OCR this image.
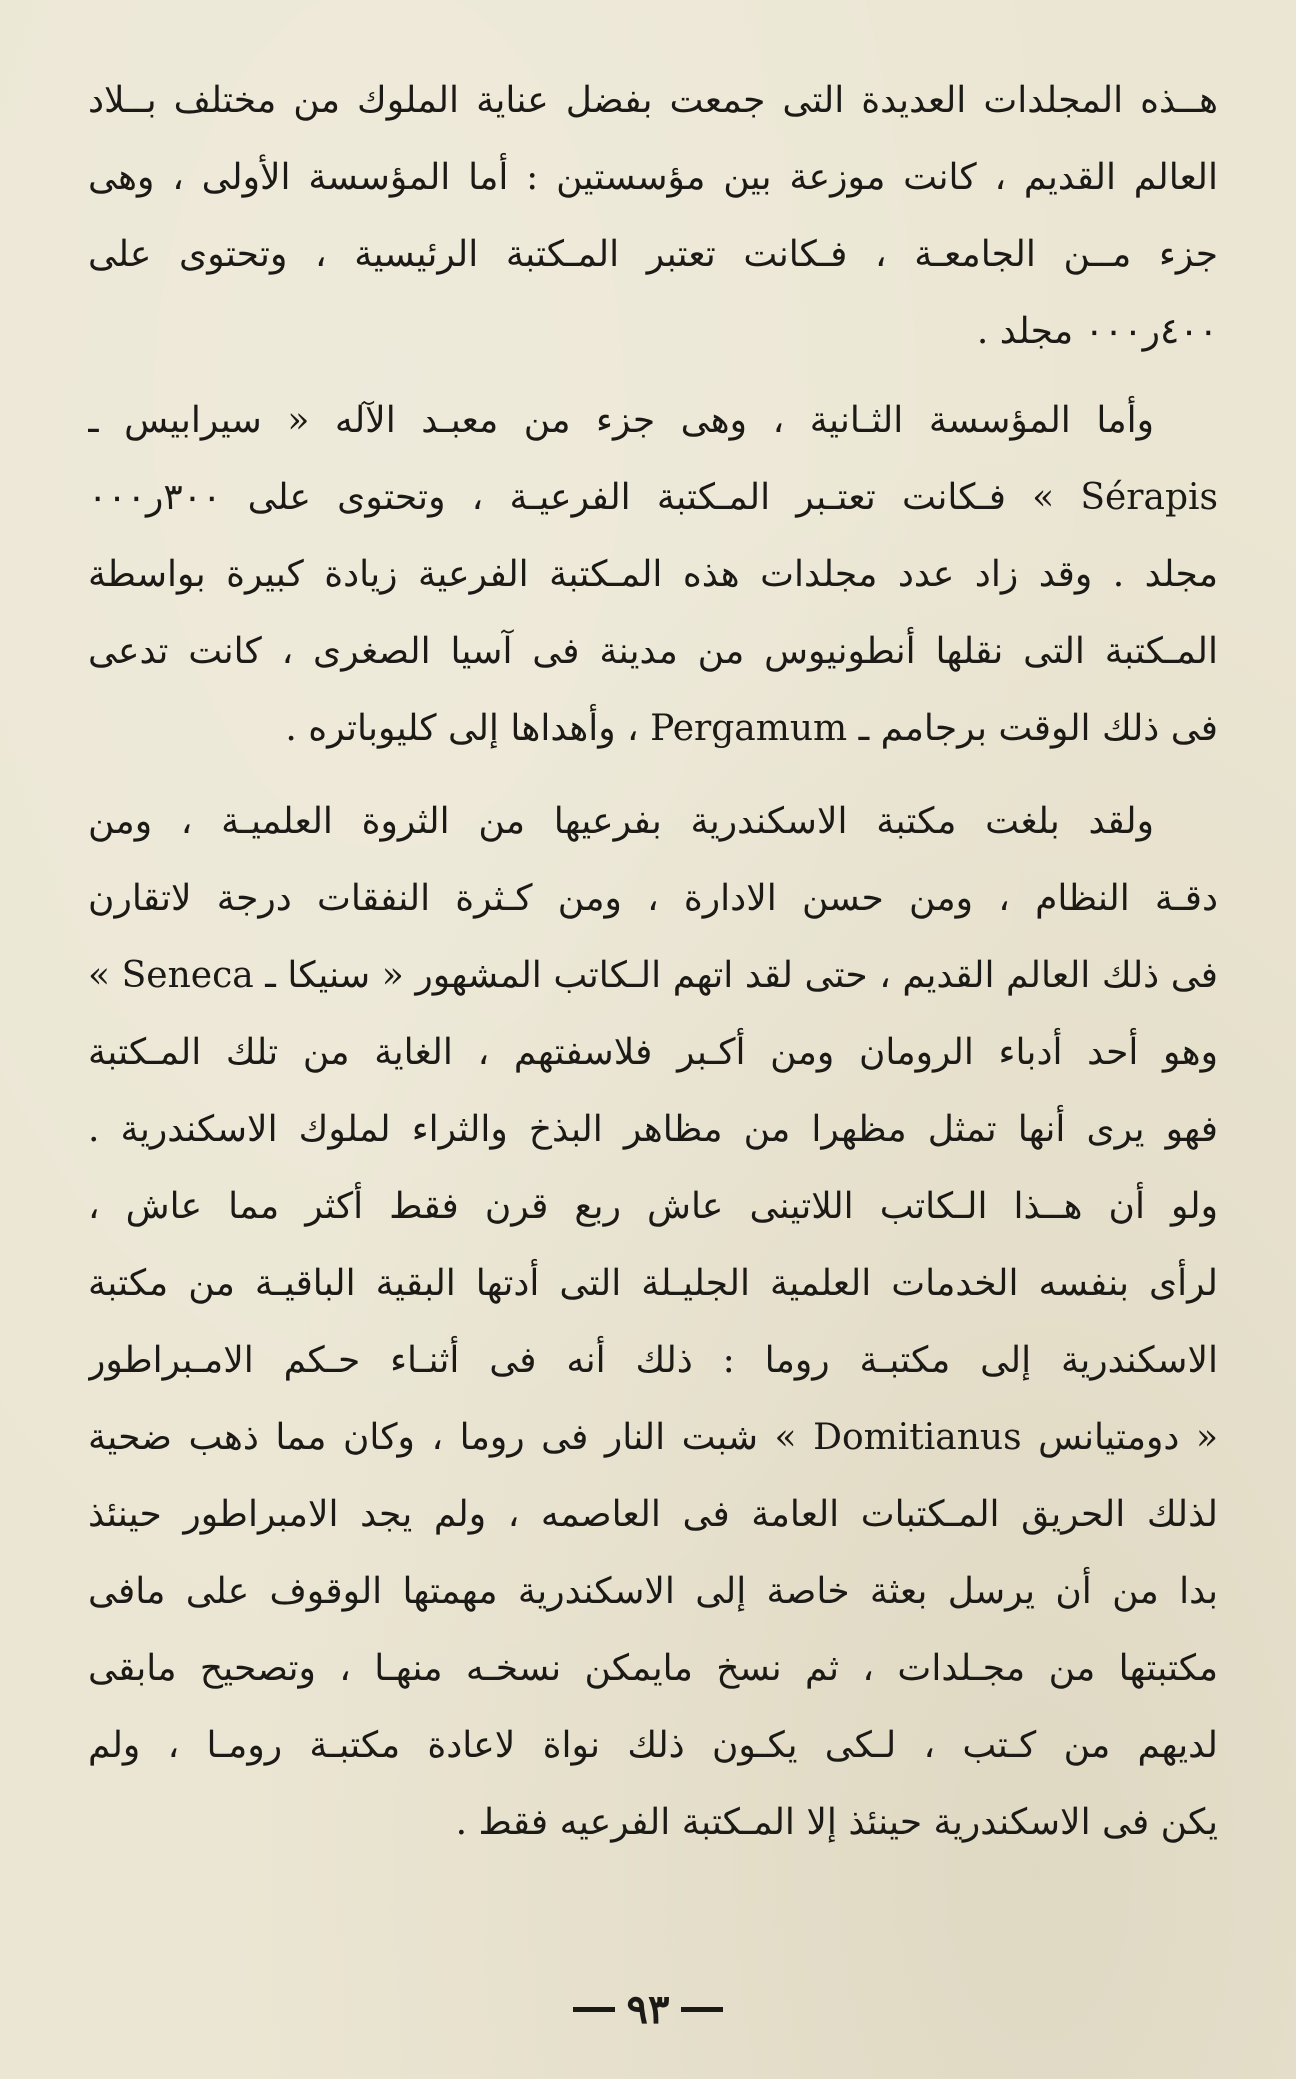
هــذه المجلدات العديدة التى جمعت بفضل عناية الملوك من مختلف بــلاد
العالم القديم ، كانت موزعة بين مؤسستين : أما المؤسسة الأولى ، وهى
جزء مــن الجامعـة ، فـكانت تعتبر المـكتبة الرئيسية ، وتحتوى على
٤٠٠ر٠٠٠ مجلد .
وأما المؤسسة الثـانية ، وهى جزء من معبـد الآله « سيرابيس ـ
Sérapis » فـكانت تعتـبر المـكتبة الفرعيـة ، وتحتوى على ٣٠٠ر٠٠٠
مجلد . وقد زاد عدد مجلدات هذه المـكتبة الفرعية زيادة كبيرة بواسطة
المـكتبة التى نقلها أنطونيوس من مدينة فى آسيا الصغرى ، كانت تدعى
فى ذلك الوقت برجامم ـ Pergamum ، وأهداها إلى كليوباتره .
ولقد بلغت مكتبة الاسكندرية بفرعيها من الثروة العلميـة ، ومن
دقـة النظام ، ومن حسن الادارة ، ومن كـثرة النفقات درجة لاتقارن
فى ذلك العالم القديم ، حتى لقد اتهم الـكاتب المشهور « سنيكا ـ Seneca »
وهو أحد أدباء الرومان ومن أكـبر فلاسفتهم ، الغاية من تلك المـكتبة
فهو يرى أنها تمثل مظهرا من مظاهر البذخ والثراء لملوك الاسكندرية .
ولو أن هــذا الـكاتب اللاتينى عاش ربع قرن فقط أكثر مما عاش ،
لرأى بنفسه الخدمات العلمية الجليـلة التى أدتها البقية الباقيـة من مكتبة
الاسكندرية إلى مكتبـة روما : ذلك أنه فى أثنـاء حـكم الامـبراطور
« دومتيانس Domitianus » شبت النار فى روما ، وكان مما ذهب ضحية
لذلك الحريق المـكتبات العامة فى العاصمه ، ولم يجد الامبراطور حينئذ
بدا من أن يرسل بعثة خاصة إلى الاسكندرية مهمتها الوقوف على مافى
مكتبتها من مجـلدات ، ثم نسخ مايمكن نسخـه منهـا ، وتصحيح مابقى
لديهم من كـتب ، لـكى يكـون ذلك نواة لاعادة مكتبـة رومـا ، ولم
يكن فى الاسكندرية حينئذ إلا المـكتبة الفرعيه فقط .
٩٣
